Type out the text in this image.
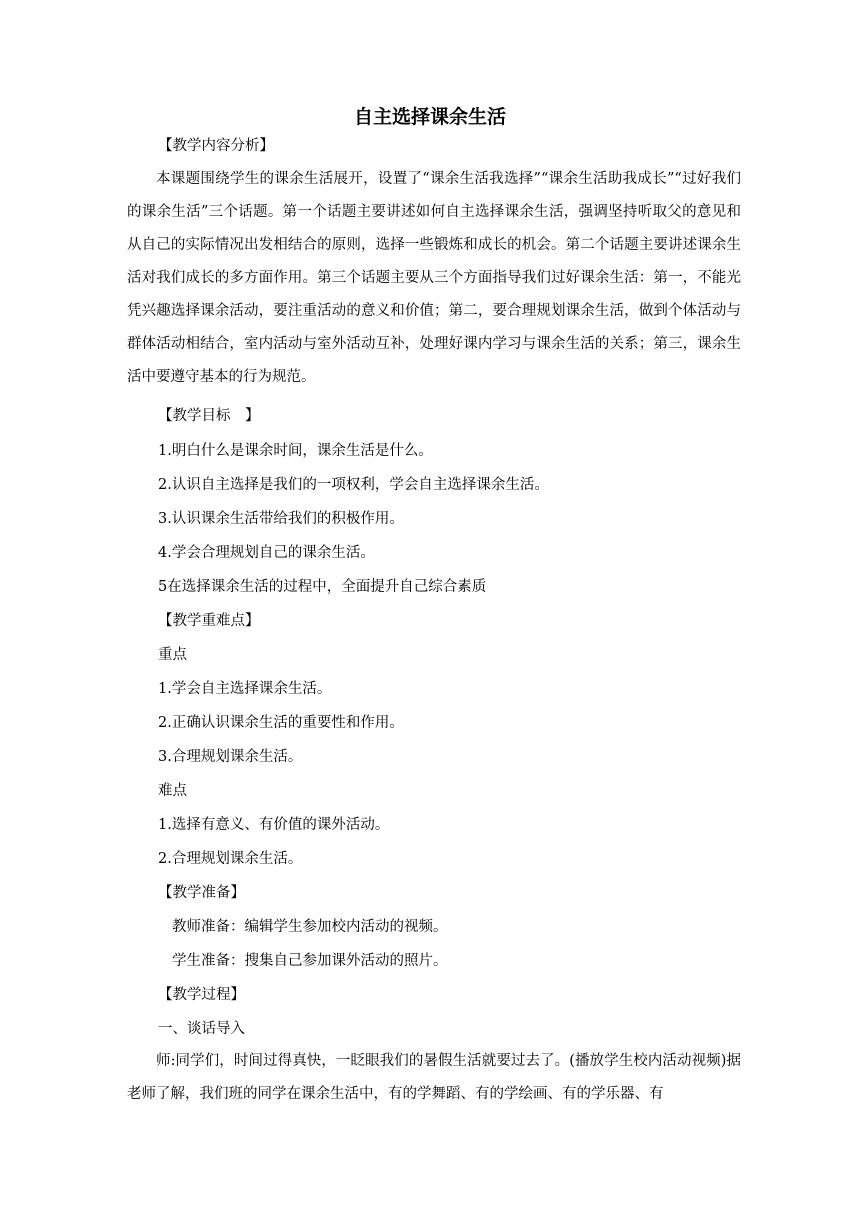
自主选择课余生活
【教学内容分析】

本课题围绕学生的课余生活展开，设置了“课余生活我选择”“课余生活助我成长”“过好我们的课余生活”三个话题。第一个话题主要讲述如何自主选择课余生活，强调坚持听取父的意见和从自己的实际情况出发相结合的原则，选择一些锻炼和成长的机会。第二个话题主要讲述课余生活对我们成长的多方面作用。第三个话题主要从三个方面指导我们过好课余生活：第一，不能光凭兴趣选择课余活动，要注重活动的意义和价值；第二，要合理规划课余生活，做到个体活动与群体活动相结合，室内活动与室外活动互补，处理好课内学习与课余生活的关系；第三，课余生活中要遵守基本的行为规范。

【教学目标　】
1.明白什么是课余时间，课余生活是什么。
2.认识自主选择是我们的一项权利，学会自主选择课余生活。
3.认识课余生活带给我们的积极作用。
4.学会合理规划自己的课余生活。
5在选择课余生活的过程中，全面提升自己综合素质
【教学重难点】
重点
1.学会自主选择课余生活。
2.正确认识课余生活的重要性和作用。
3.合理规划课余生活。
难点
1.选择有意义、有价值的课外活动。
2.合理规划课余生活。
【教学准备】
教师准备：编辑学生参加校内活动的视频。
学生准备：搜集自己参加课外活动的照片。
【教学过程】
一、谈话导入

师:同学们，时间过得真快，一眨眼我们的暑假生活就要过去了。(播放学生校内活动视频)据老师了解，我们班的同学在课余生活中，有的学舞蹈、有的学绘画、有的学乐器、有
